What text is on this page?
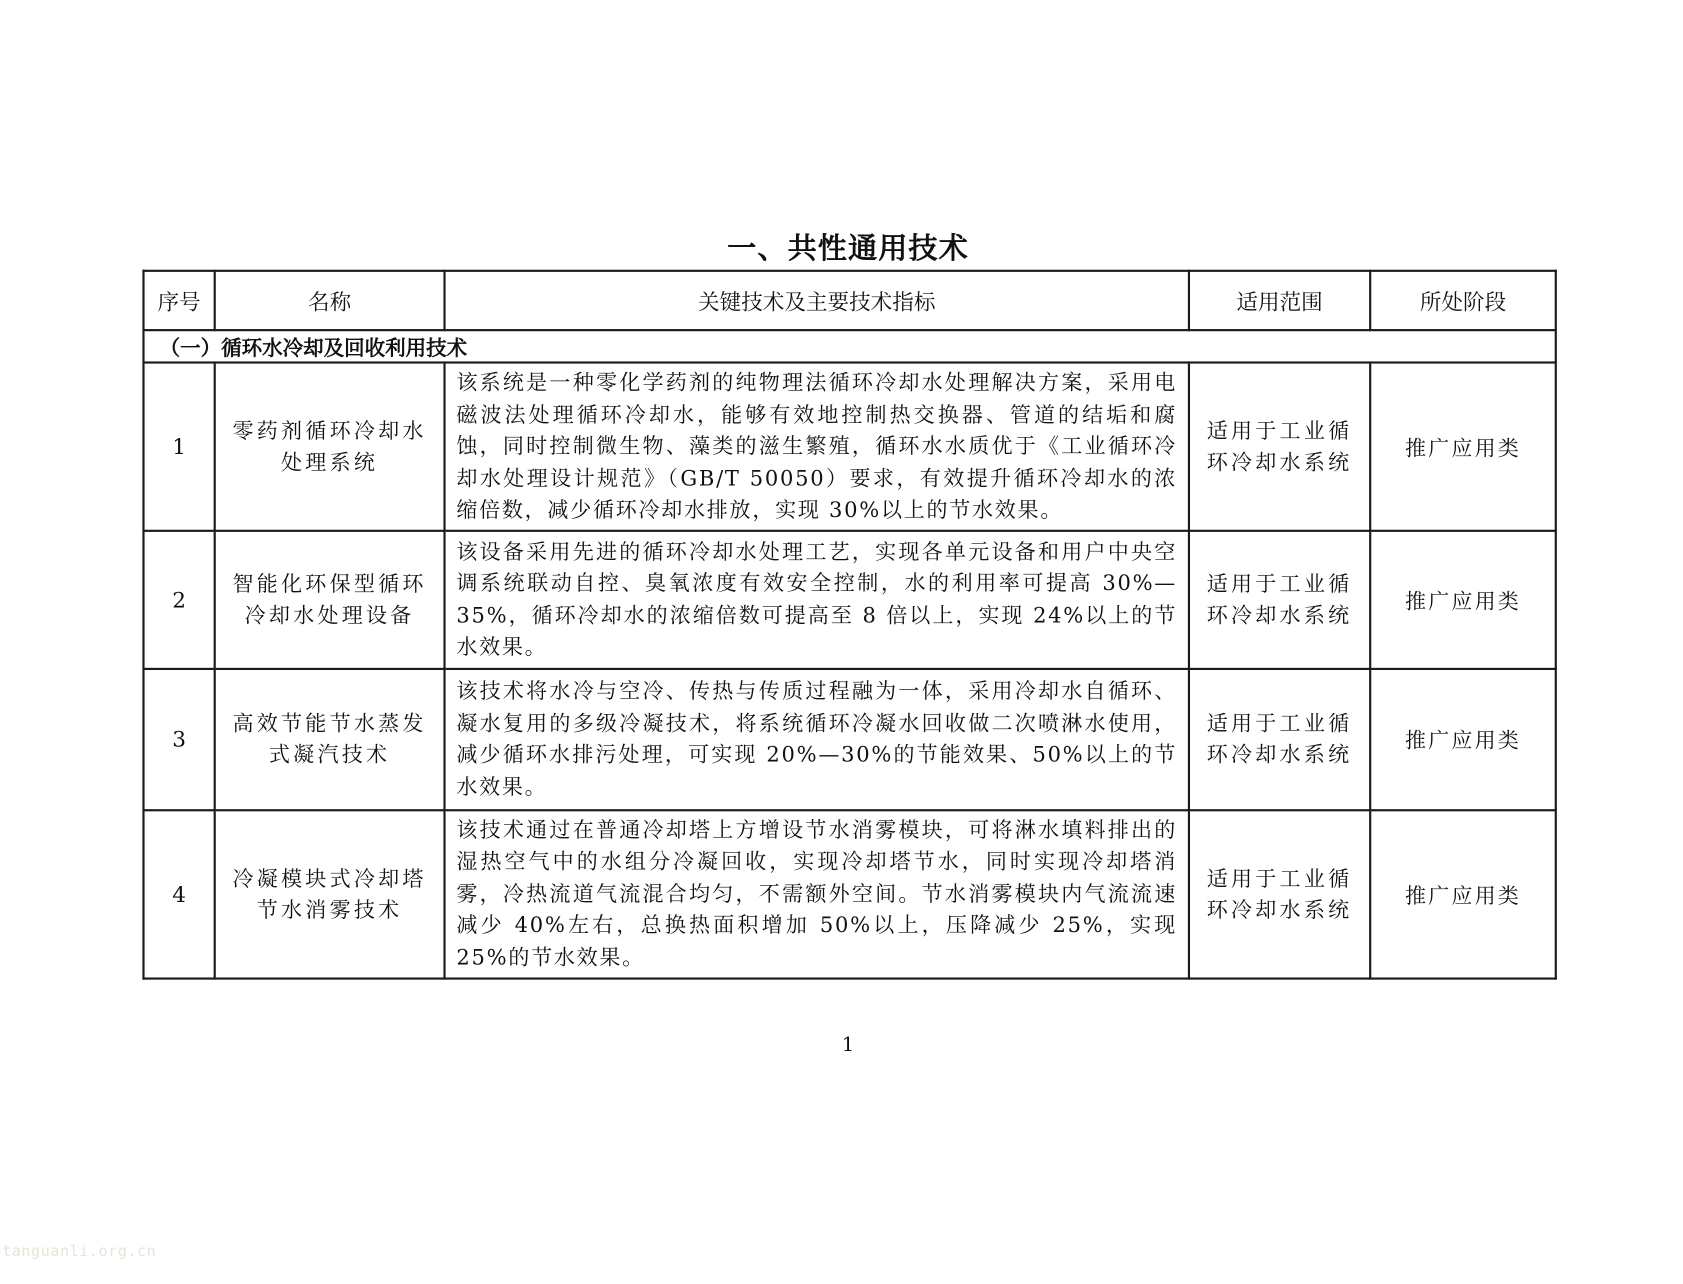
一、共性通用技术
序号	名称	关键技术及主要技术指标	适用范围	所处阶段
（一）循环水冷却及回收利用技术				
1	零药剂循环冷却水处理系统	该系统是一种零化学药剂的纯物理法循环冷却水处理解决方案，采用电磁波法处理循环冷却水，能够有效地控制热交换器、管道的结垢和腐蚀，同时控制微生物、藻类的滋生繁殖，循环水水质优于《工业循环冷却水处理设计规范》（GB/T 50050）要求，有效提升循环冷却水的浓缩倍数，减少循环冷却水排放，实现 30%以上的节水效果。	适用于工业循环冷却水系统	推广应用类
2	智能化环保型循环冷却水处理设备	该设备采用先进的循环冷却水处理工艺，实现各单元设备和用户中央空调系统联动自控、臭氧浓度有效安全控制，水的利用率可提高 30%—35%，循环冷却水的浓缩倍数可提高至 8 倍以上，实现 24%以上的节水效果。	适用于工业循环冷却水系统	推广应用类
3	高效节能节水蒸发式凝汽技术	该技术将水冷与空冷、传热与传质过程融为一体，采用冷却水自循环、凝水复用的多级冷凝技术，将系统循环冷凝水回收做二次喷淋水使用，减少循环水排污处理，可实现 20%—30%的节能效果、50%以上的节水效果。	适用于工业循环冷却水系统	推广应用类
4	冷凝模块式冷却塔节水消雾技术	该技术通过在普通冷却塔上方增设节水消雾模块，可将淋水填料排出的湿热空气中的水组分冷凝回收，实现冷却塔节水，同时实现冷却塔消雾，冷热流道气流混合均匀，不需额外空间。节水消雾模块内气流流速减少 40%左右，总换热面积增加 50%以上，压降减少 25%，实现 25%的节水效果。	适用于工业循环冷却水系统	推广应用类
1
tanguanli.org.cn
